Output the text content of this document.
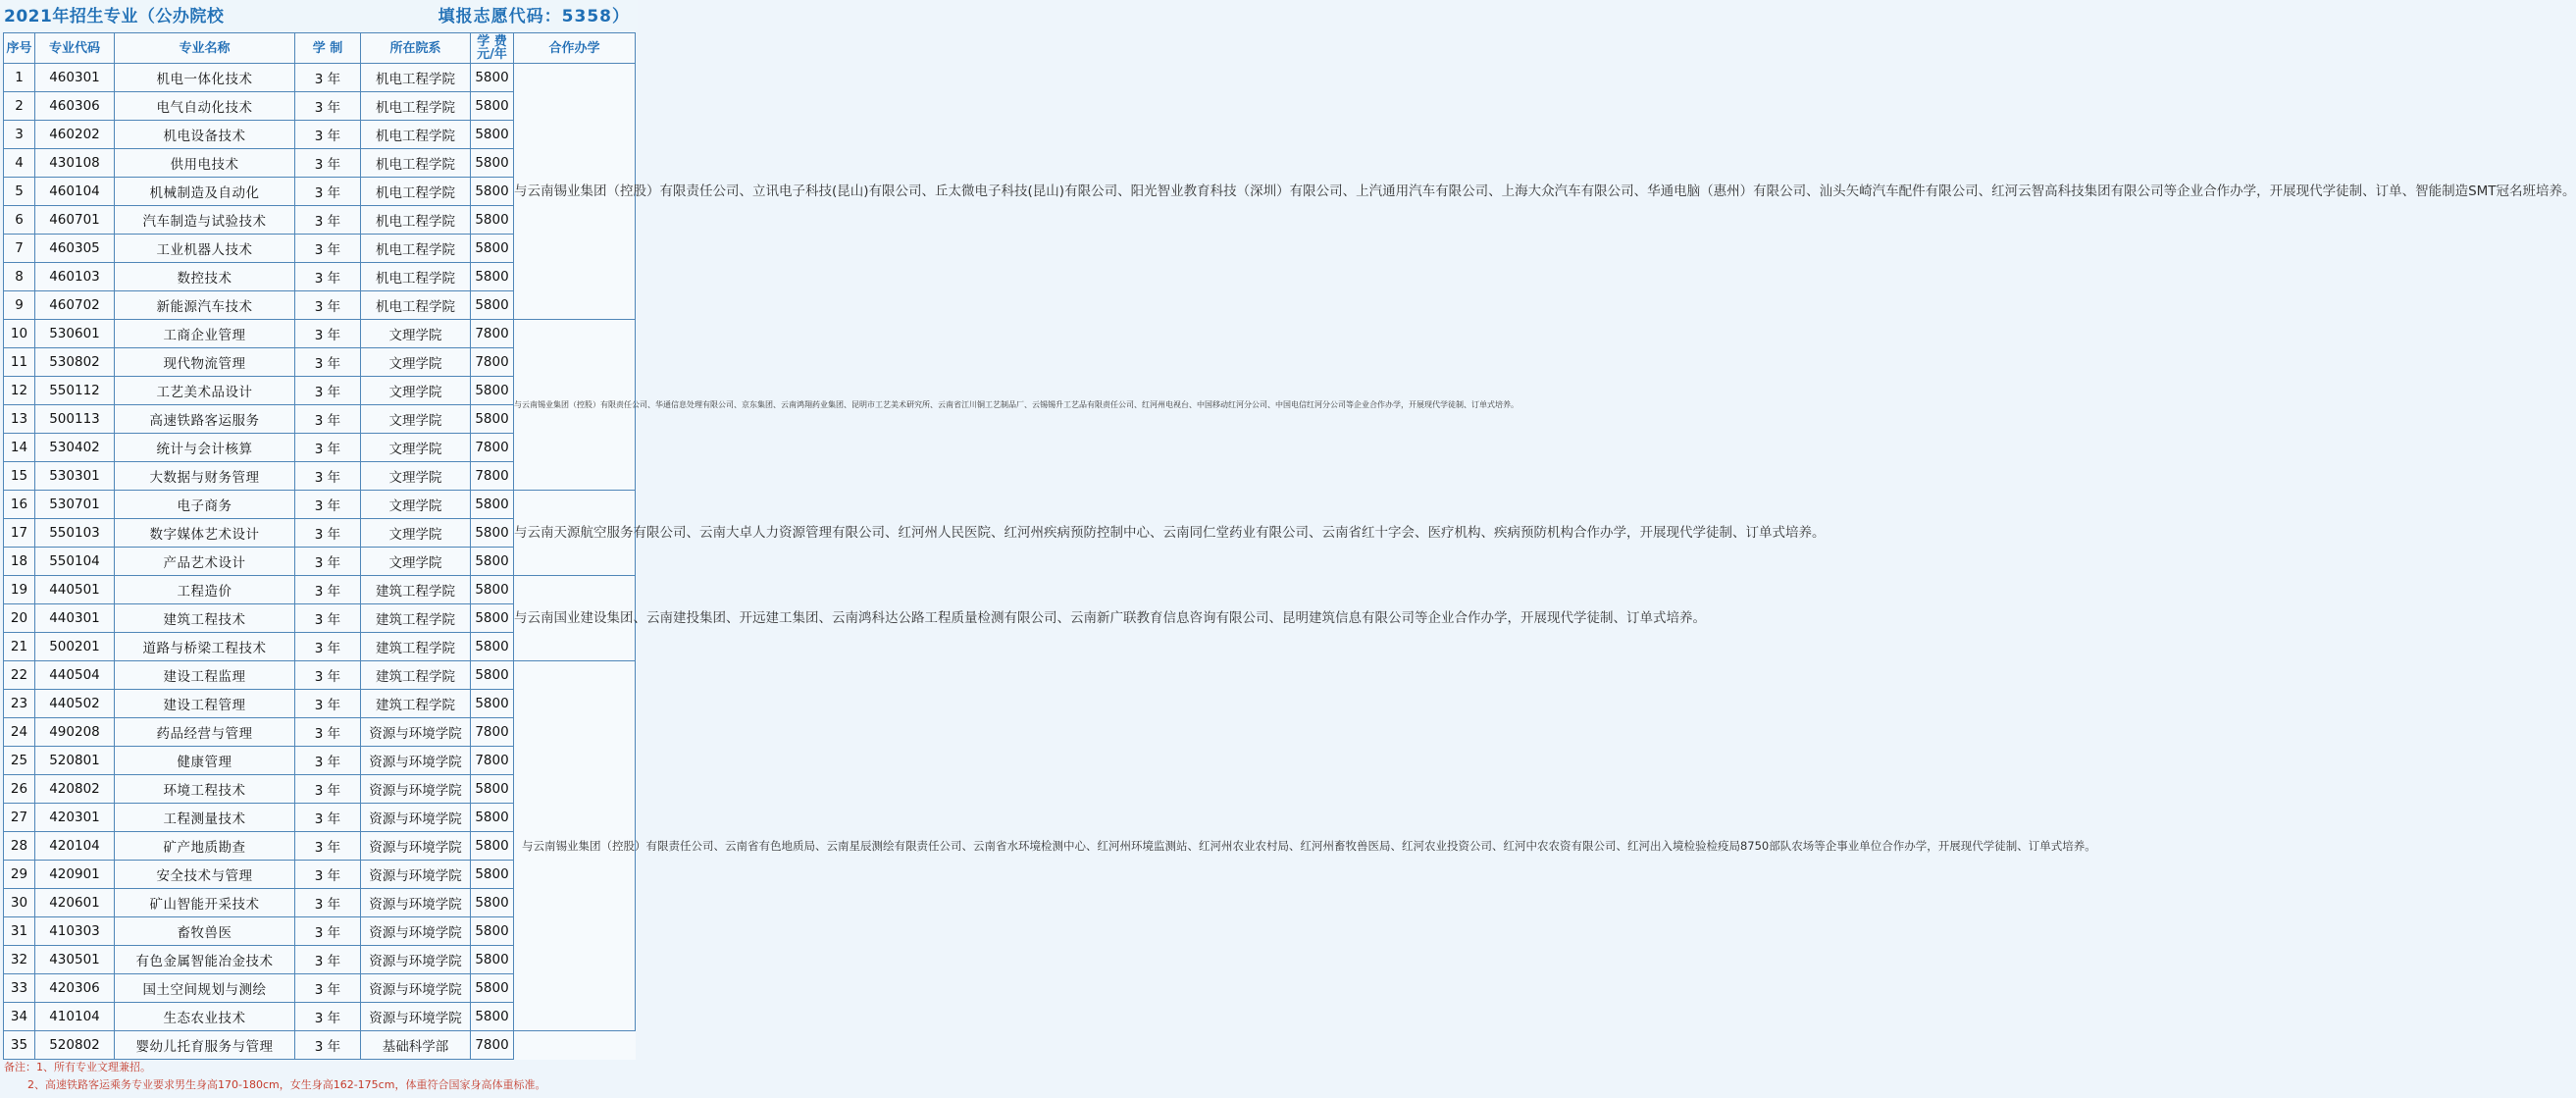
2021年招生专业（公办院校	填报志愿代码：5358）
序号	专业代码	专业名称	学 制	所在院系	学 费元/年	合作办学
1	460301	机电一体化技术	3 年	机电工程学院	5800	与云南锡业集团（控股）有限责任公司、立讯电子科技(昆山)有限公司、丘太微电子科技(昆山)有限公司、阳光智业教育科技（深圳）有限公司、上汽通用汽车有限公司、上海大众汽车有限公司、华通电脑（惠州）有限公司、汕头矢崎汽车配件有限公司、红河云智高科技集团有限公司等企业合作办学，开展现代学徒制、订单、智能制造SMT冠名班培养。
2	460306	电气自动化技术	3 年	机电工程学院	5800	
3	460202	机电设备技术	3 年	机电工程学院	5800	
4	430108	供用电技术	3 年	机电工程学院	5800	
5	460104	机械制造及自动化	3 年	机电工程学院	5800	
6	460701	汽车制造与试验技术	3 年	机电工程学院	5800	
7	460305	工业机器人技术	3 年	机电工程学院	5800	
8	460103	数控技术	3 年	机电工程学院	5800	
9	460702	新能源汽车技术	3 年	机电工程学院	5800	
10	530601	工商企业管理	3 年	文理学院	7800	与云南锡业集团（控股）有限责任公司、华通信息处理有限公司、京东集团、云南鸿翔药业集团、昆明市工艺美术研究所、云南省江川铜工艺制品厂、云锡锡升工艺品有限责任公司、红河州电视台、中国移动红河分公司、中国电信红河分公司等企业合作办学，开展现代学徒制、订单式培养。
11	530802	现代物流管理	3 年	文理学院	7800	
12	550112	工艺美术品设计	3 年	文理学院	5800	
13	500113	高速铁路客运服务	3 年	文理学院	5800	
14	530402	统计与会计核算	3 年	文理学院	7800	
15	530301	大数据与财务管理	3 年	文理学院	7800	
16	530701	电子商务	3 年	文理学院	5800	与云南天源航空服务有限公司、云南大卓人力资源管理有限公司、红河州人民医院、红河州疾病预防控制中心、云南同仁堂药业有限公司、云南省红十字会、医疗机构、疾病预防机构合作办学，开展现代学徒制、订单式培养。
17	550103	数字媒体艺术设计	3 年	文理学院	5800	
18	550104	产品艺术设计	3 年	文理学院	5800	
19	440501	工程造价	3 年	建筑工程学院	5800	与云南国业建设集团、云南建投集团、开远建工集团、云南鸿科达公路工程质量检测有限公司、云南新广联教育信息咨询有限公司、昆明建筑信息有限公司等企业合作办学，开展现代学徒制、订单式培养。
20	440301	建筑工程技术	3 年	建筑工程学院	5800	
21	500201	道路与桥梁工程技术	3 年	建筑工程学院	5800	
22	440504	建设工程监理	3 年	建筑工程学院	5800	与云南锡业集团（控股）有限责任公司、云南省有色地质局、云南星辰测绘有限责任公司、云南省水环境检测中心、红河州环境监测站、红河州农业农村局、红河州畜牧兽医局、红河农业投资公司、红河中农农资有限公司、红河出入境检验检疫局8750部队农场等企事业单位合作办学，开展现代学徒制、订单式培养。
23	440502	建设工程管理	3 年	建筑工程学院	5800	
24	490208	药品经营与管理	3 年	资源与环境学院	7800	
25	520801	健康管理	3 年	资源与环境学院	7800	
26	420802	环境工程技术	3 年	资源与环境学院	5800	
27	420301	工程测量技术	3 年	资源与环境学院	5800	
28	420104	矿产地质勘查	3 年	资源与环境学院	5800	
29	420901	安全技术与管理	3 年	资源与环境学院	5800	
30	420601	矿山智能开采技术	3 年	资源与环境学院	5800	
31	410303	畜牧兽医	3 年	资源与环境学院	5800	
32	430501	有色金属智能冶金技术	3 年	资源与环境学院	5800	
33	420306	国土空间规划与测绘	3 年	资源与环境学院	5800	
34	410104	生态农业技术	3 年	资源与环境学院	5800	
35	520802	婴幼儿托育服务与管理	3 年	基础科学部	7800	
备注：1、所有专业文理兼招。
2、高速铁路客运乘务专业要求男生身高170-180cm，女生身高162-175cm，体重符合国家身高体重标准。
